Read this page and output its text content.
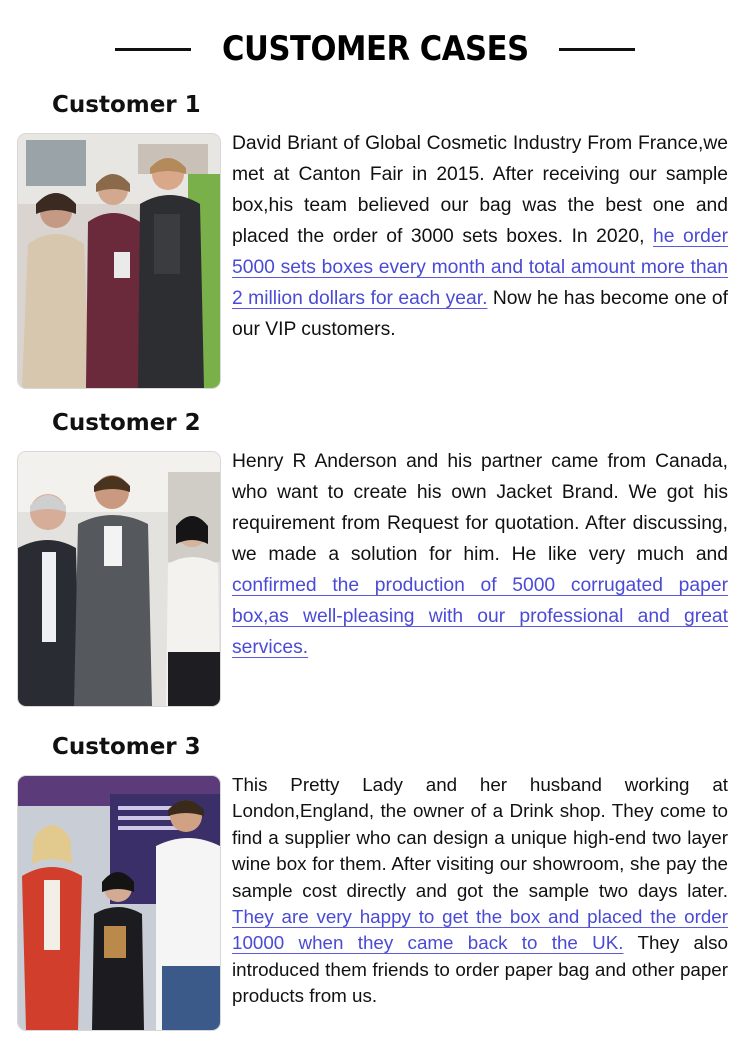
CUSTOMER CASES
Customer 1

David Briant of Global Cosmetic Industry From France,we met at Canton Fair in 2015. After receiving our sample box,his team believed our bag was the best one and placed the order of 3000 sets boxes. In 2020, he order 5000 sets boxes every month and total amount more than 2 million dollars for each year. Now he has become one of our VIP customers.

Customer 2

Henry R Anderson and his partner came from Canada, who want to create his own Jacket Brand. We got his requirement from Request for quotation. After discussing, we made a solution for him. He like very much and confirmed the production of 5000 corrugated paper box,as well-pleasing with our professional and great services.

Customer 3

This Pretty Lady and her husband working at London,England, the owner of a Drink shop. They come to find a supplier who can design a unique high-end two layer wine box for them. After visiting our showroom, she pay the sample cost directly and got the sample two days later. They are very happy to get the box and placed the order 10000 when they came back to the UK. They also introduced them friends to order paper bag and other paper products from us.
